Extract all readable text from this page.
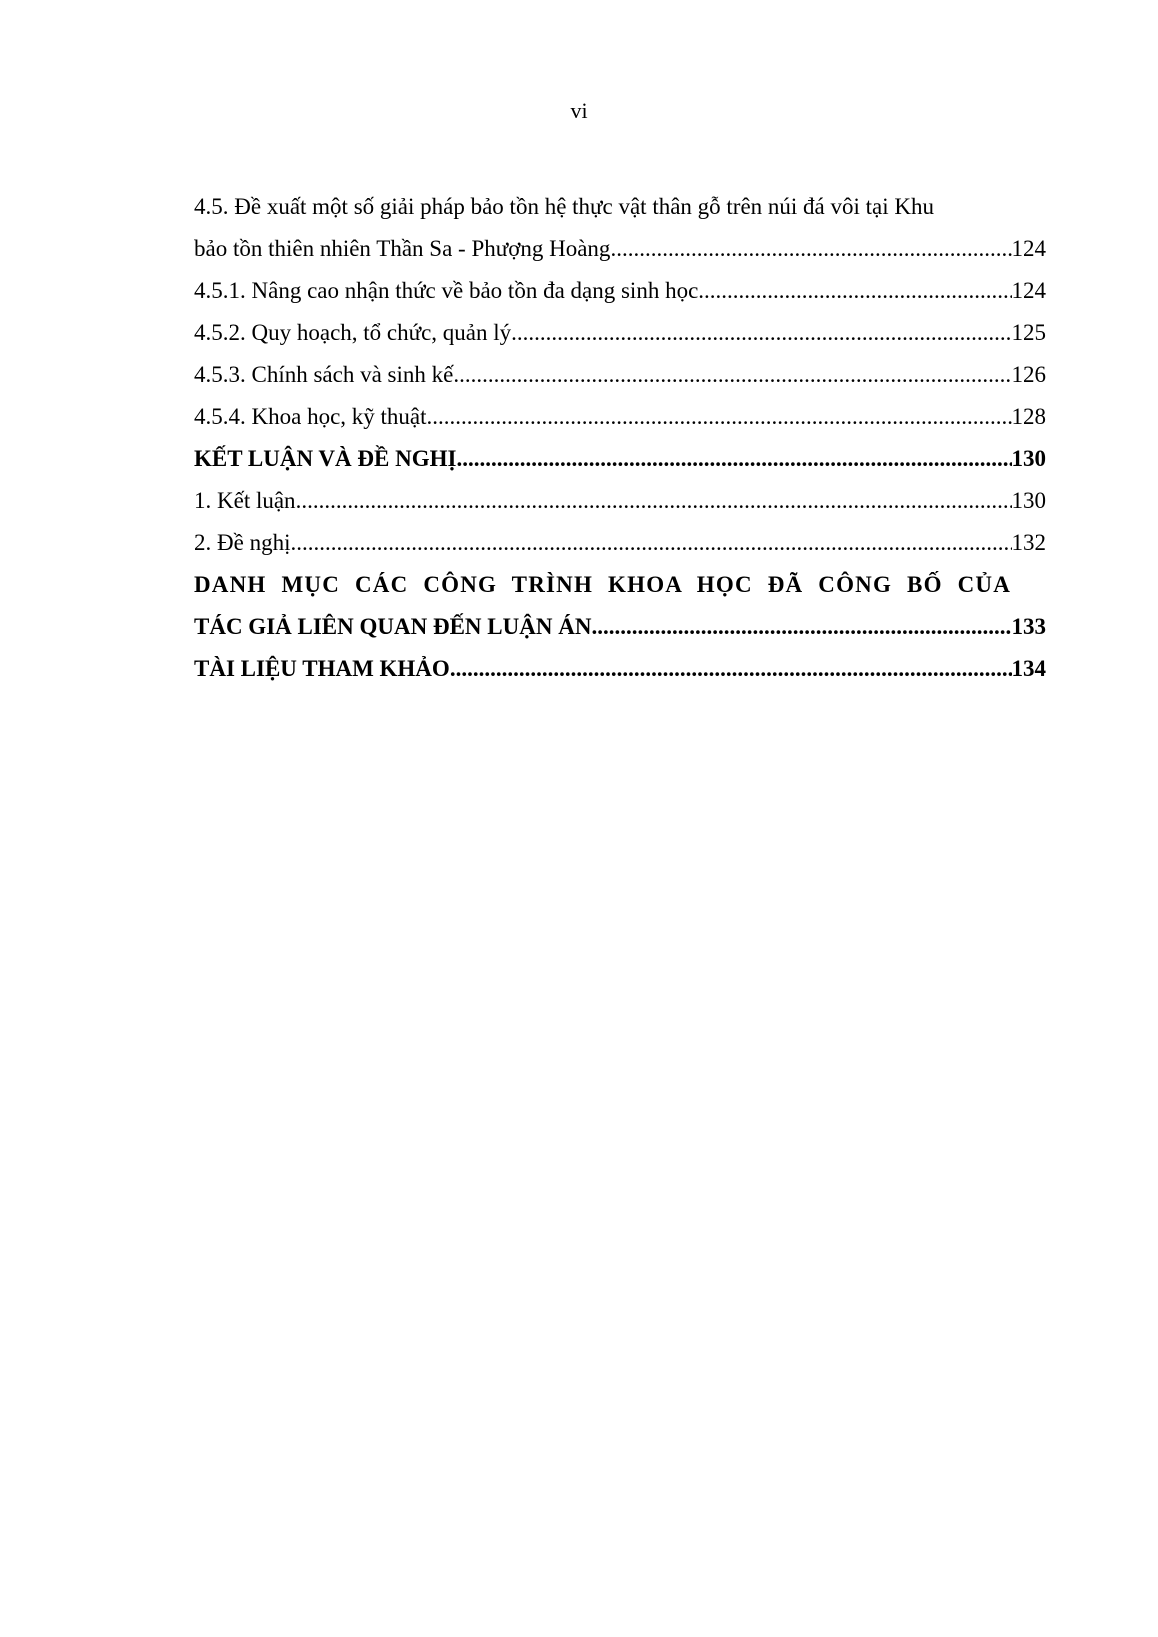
vi
4.5. Đề xuất một số giải pháp bảo tồn hệ thực vật thân gỗ trên núi đá vôi tại Khu
bảo tồn thiên nhiên Thần Sa - Phượng Hoàng .....	124
4.5.1. Nâng cao nhận thức về bảo tồn đa dạng sinh học .....	124
4.5.2. Quy hoạch, tổ chức, quản lý .....	125
4.5.3. Chính sách và sinh kế .....	126
4.5.4. Khoa học, kỹ thuật .....	128
KẾT LUẬN VÀ ĐỀ NGHỊ .....	130
1. Kết luận .....	130
2. Đề nghị .....	132
DANH MỤC CÁC CÔNG TRÌNH KHOA HỌC ĐÃ CÔNG BỐ CỦA
TÁC GIẢ LIÊN QUAN ĐẾN LUẬN ÁN .....	133
TÀI LIỆU THAM KHẢO .....	134
